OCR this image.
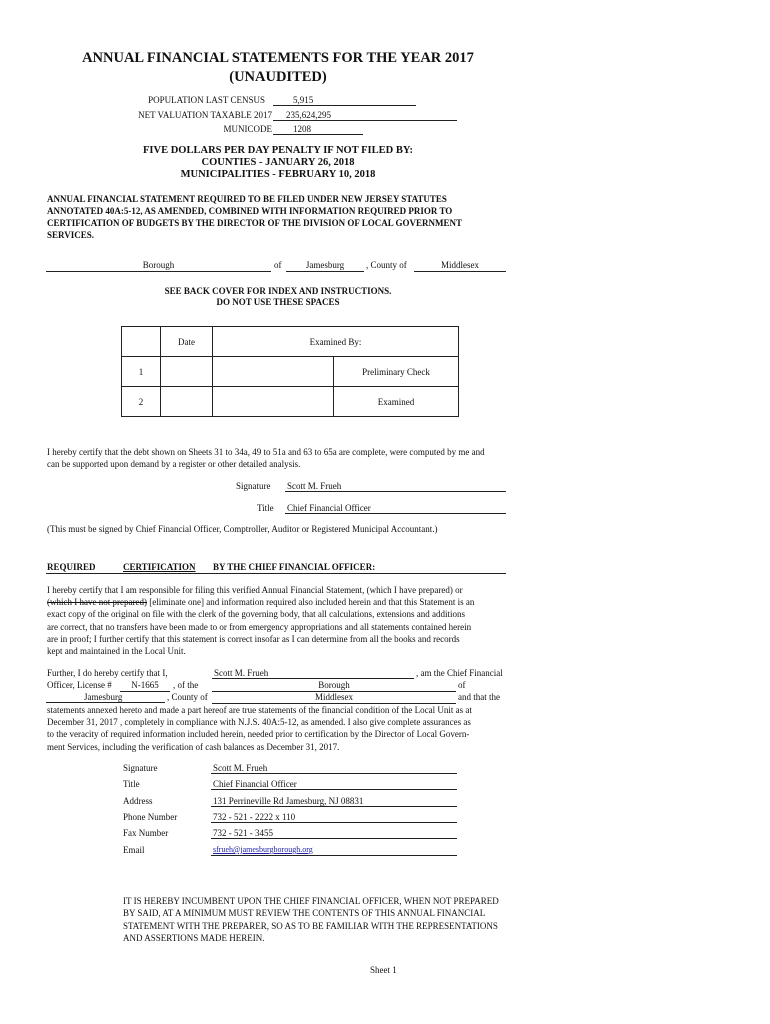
ANNUAL FINANCIAL STATEMENTS FOR THE YEAR 2017
(UNAUDITED)
POPULATION LAST CENSUS	5,915
NET VALUATION TAXABLE 2017	235,624,295
MUNICODE	1208
FIVE DOLLARS PER DAY PENALTY IF NOT FILED BY:
COUNTIES - JANUARY 26, 2018
MUNICIPALITIES - FEBRUARY 10, 2018
ANNUAL FINANCIAL STATEMENT REQUIRED TO BE FILED UNDER NEW JERSEY STATUTES
ANNOTATED 40A:5-12, AS AMENDED, COMBINED WITH INFORMATION REQUIRED PRIOR TO
CERTIFICATION OF BUDGETS BY THE DIRECTOR OF THE DIVISION OF LOCAL GOVERNMENT
SERVICES.
Borough	of	Jamesburg	, County of	Middlesex
SEE BACK COVER FOR INDEX AND INSTRUCTIONS.
DO NOT USE THESE SPACES
	Date	Examined By:	
1			Preliminary Check
2			Examined
I hereby certify that the debt shown on Sheets 31 to 34a, 49 to 51a and 63 to 65a are complete, were computed by me and
can be supported upon demand by a register or other detailed analysis.
Signature Scott M. Frueh
Title Chief Financial Officer
(This must be signed by Chief Financial Officer, Comptroller, Auditor or Registered Municipal Accountant.)
REQUIRED	CERTIFICATION BY THE CHIEF FINANCIAL OFFICER:
I hereby certify that I am responsible for filing this verified Annual Financial Statement, (which I have prepared) or
(which I have not prepared) [eliminate one] and information required also included herein and that this Statement is an
exact copy of the original on file with the clerk of the governing body, that all calculations, extensions and additions
are correct, that no transfers have been made to or from emergency appropriations and all statements contained herein
are in proof; I further certify that this statement is correct insofar as I can determine from all the books and records
kept and maintained in the Local Unit.
Further, I do hereby certify that I,	Scott M. Frueh	, am the Chief Financial
Officer, License #	N-1665	, of the	Borough	of
Jamesburg	, County of	Middlesex	and that the
statements annexed hereto and made a part hereof are true statements of the financial condition of the Local Unit as at
December 31, 2017 , completely in compliance with N.J.S. 40A:5-12, as amended. I also give complete assurances as
to the veracity of required information included herein, needed prior to certification by the Director of Local Govern-
ment Services, including the verification of cash balances as December 31, 2017.
Signature	Scott M. Frueh
Title	Chief Financial Officer
Address	131 Perrineville Rd Jamesburg, NJ 08831
Phone Number	732 - 521 - 2222 x 110
Fax Number	732 - 521 - 3455
Email	sfrueh@jamesburgborough.org
IT IS HEREBY INCUMBENT UPON THE CHIEF FINANCIAL OFFICER, WHEN NOT PREPARED
BY SAID, AT A MINIMUM MUST REVIEW THE CONTENTS OF THIS ANNUAL FINANCIAL
STATEMENT WITH THE PREPARER, SO AS TO BE FAMILIAR WITH THE REPRESENTATIONS
AND ASSERTIONS MADE HEREIN.
Sheet 1
